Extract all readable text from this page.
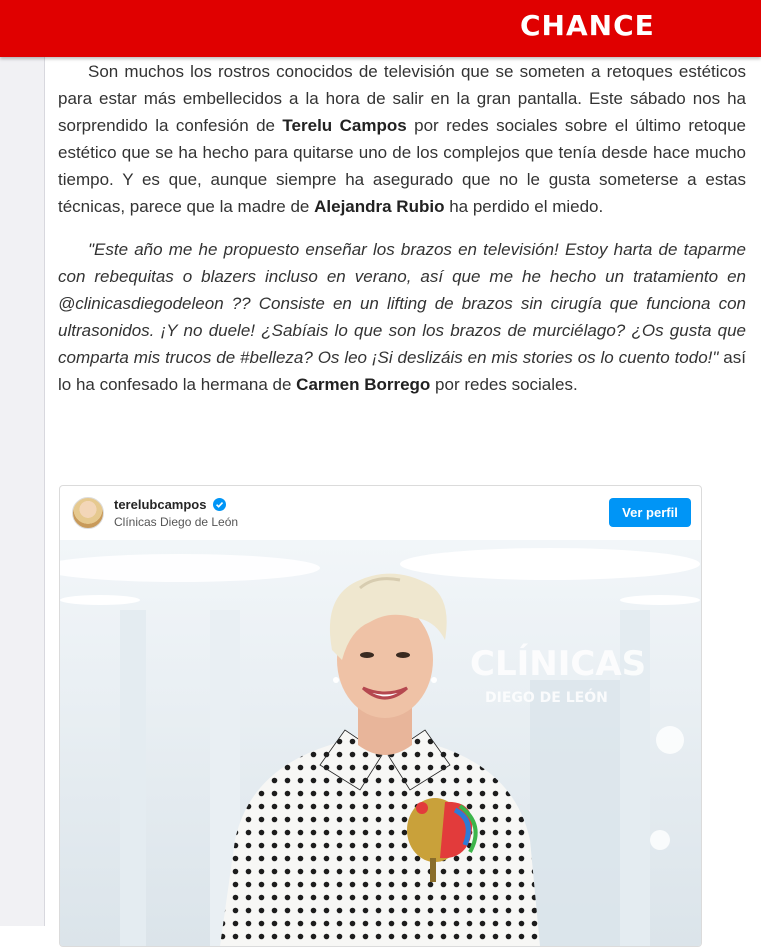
CHANCE

Son muchos los rostros conocidos de televisión que se someten a retoques estéticos para estar más embellecidos a la hora de salir en la gran pantalla. Este sábado nos ha sorprendido la confesión de Terelu Campos por redes sociales sobre el último retoque estético que se ha hecho para quitarse uno de los complejos que tenía desde hace mucho tiempo. Y es que, aunque siempre ha asegurado que no le gusta someterse a estas técnicas, parece que la madre de Alejandra Rubio ha perdido el miedo.

"Este año me he propuesto enseñar los brazos en televisión! Estoy harta de taparme con rebequitas o blazers incluso en verano, así que me he hecho un tratamiento en @clinicasdiegodeleon ?? Consiste en un lifting de brazos sin cirugía que funciona con ultrasonidos. ¡Y no duele! ¿Sabíais lo que son los brazos de murciélago? ¿Os gusta que comparta mis trucos de #belleza? Os leo ¡Si deslizáis en mis stories os lo cuento todo!" así lo ha confesado la hermana de Carmen Borrego por redes sociales.

terelubcampos
Clínicas Diego de León
Ver perfil
CLÍNICAS
DIEGO DE LEÓN
